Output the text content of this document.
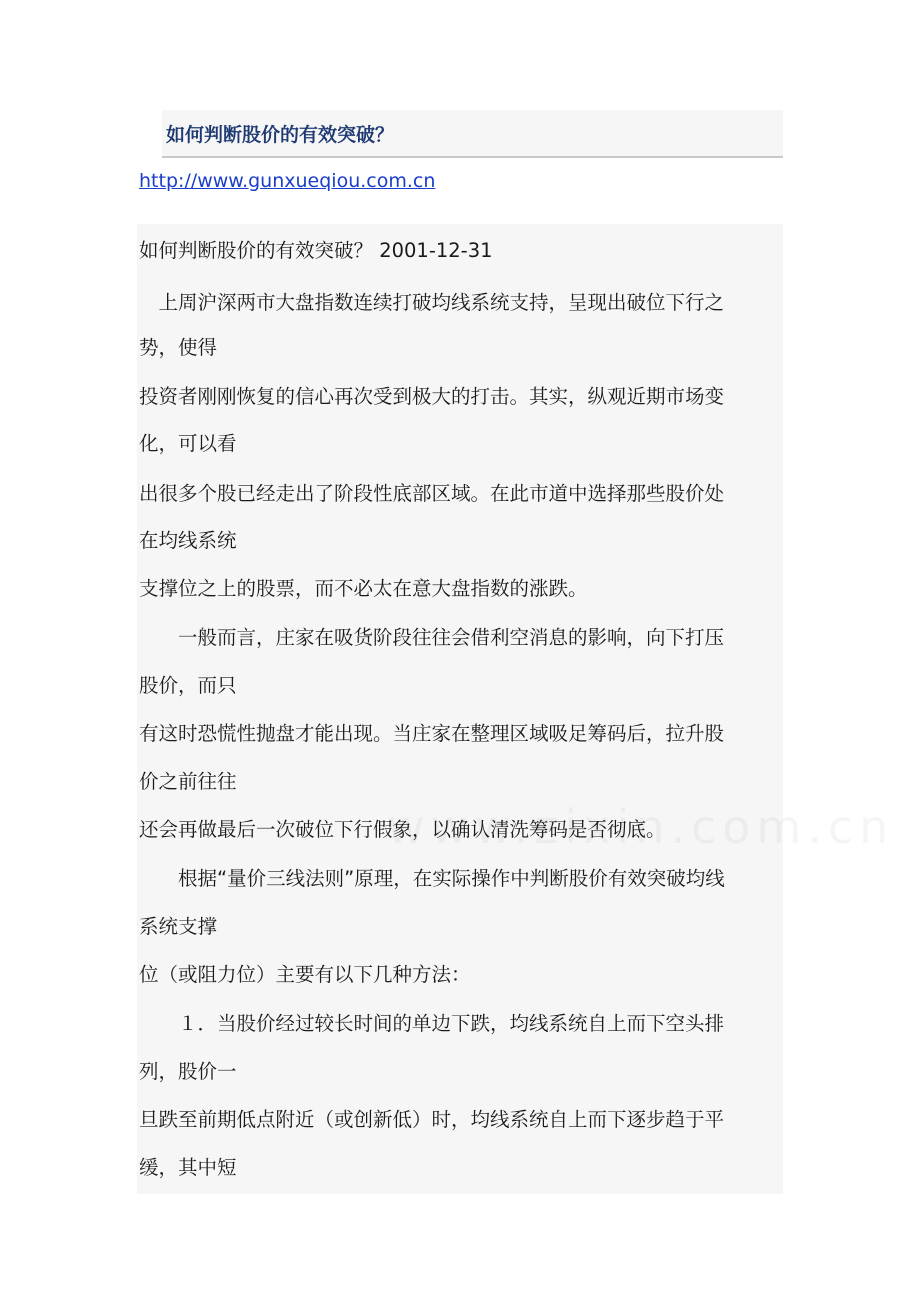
如何判断股价的有效突破？
http://www.gunxueqiou.com.cn
如何判断股价的有效突破？ 2001-12-31
　上周沪深两市大盘指数连续打破均线系统支持，呈现出破位下行之
势，使得
投资者刚刚恢复的信心再次受到极大的打击。其实，纵观近期市场变
化，可以看
出很多个股已经走出了阶段性底部区域。在此市道中选择那些股价处
在均线系统
支撑位之上的股票，而不必太在意大盘指数的涨跌。
　　一般而言，庄家在吸货阶段往往会借利空消息的影响，向下打压
股价，而只
有这时恐慌性抛盘才能出现。当庄家在整理区域吸足筹码后，拉升股
价之前往往
还会再做最后一次破位下行假象，以确认清洗筹码是否彻底。
　　根据“量价三线法则”原理，在实际操作中判断股价有效突破均线
系统支撑
位（或阻力位）主要有以下几种方法：
　　１．当股价经过较长时间的单边下跌，均线系统自上而下空头排
列，股价一
旦跌至前期低点附近（或创新低）时，均线系统自上而下逐步趋于平
缓，其中短
